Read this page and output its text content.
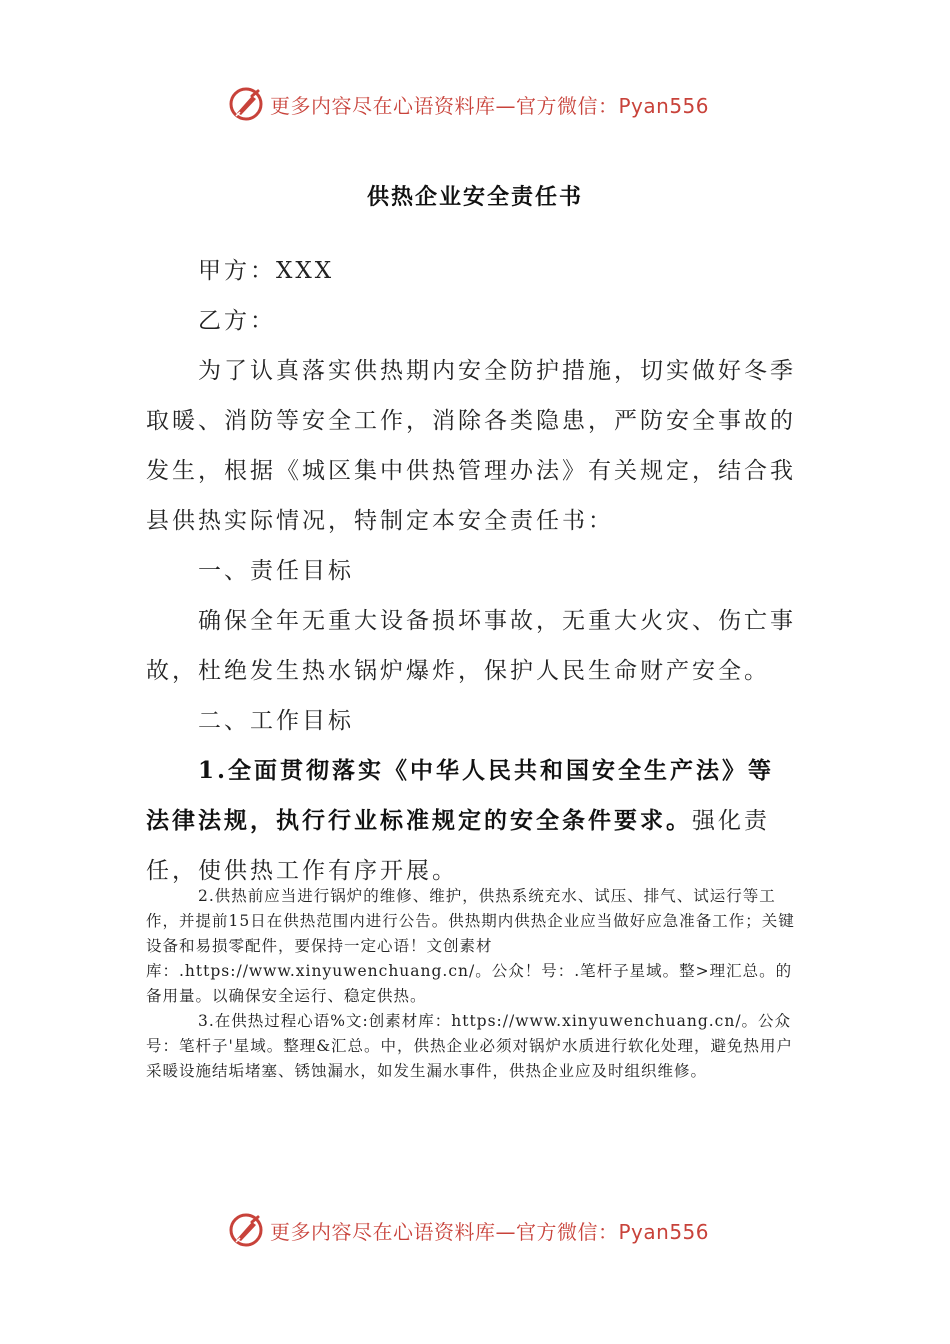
更多内容尽在心语资料库—官方微信：Pyan556
供热企业安全责任书

甲方：XXX

乙方：

为了认真落实供热期内安全防护措施，切实做好冬季取暖、消防等安全工作，消除各类隐患，严防安全事故的发生，根据《城区集中供热管理办法》有关规定，结合我县供热实际情况，特制定本安全责任书：

一、责任目标

确保全年无重大设备损坏事故，无重大火灾、伤亡事故，杜绝发生热水锅炉爆炸，保护人民生命财产安全。

二、工作目标

1.全面贯彻落实《中华人民共和国安全生产法》等法律法规，执行行业标准规定的安全条件要求。强化责任，使供热工作有序开展。

2.供热前应当进行锅炉的维修、维护，供热系统充水、试压、排气、试运行等工作，并提前15日在供热范围内进行公告。供热期内供热企业应当做好应急准备工作；关键设备和易损零配件，要保持一定心语！文创素材库：.https://www.xinyuwenchuang.cn/。公众！号：.笔杆子星域。整>理汇总。的备用量。以确保安全运行、稳定供热。

3.在供热过程心语%文:创素材库：https://www.xinyuwenchuang.cn/。公众号：笔杆子'星域。整理&汇总。中，供热企业必须对锅炉水质进行软化处理，避免热用户采暖设施结垢堵塞、锈蚀漏水，如发生漏水事件，供热企业应及时组织维修。

更多内容尽在心语资料库—官方微信：Pyan556
